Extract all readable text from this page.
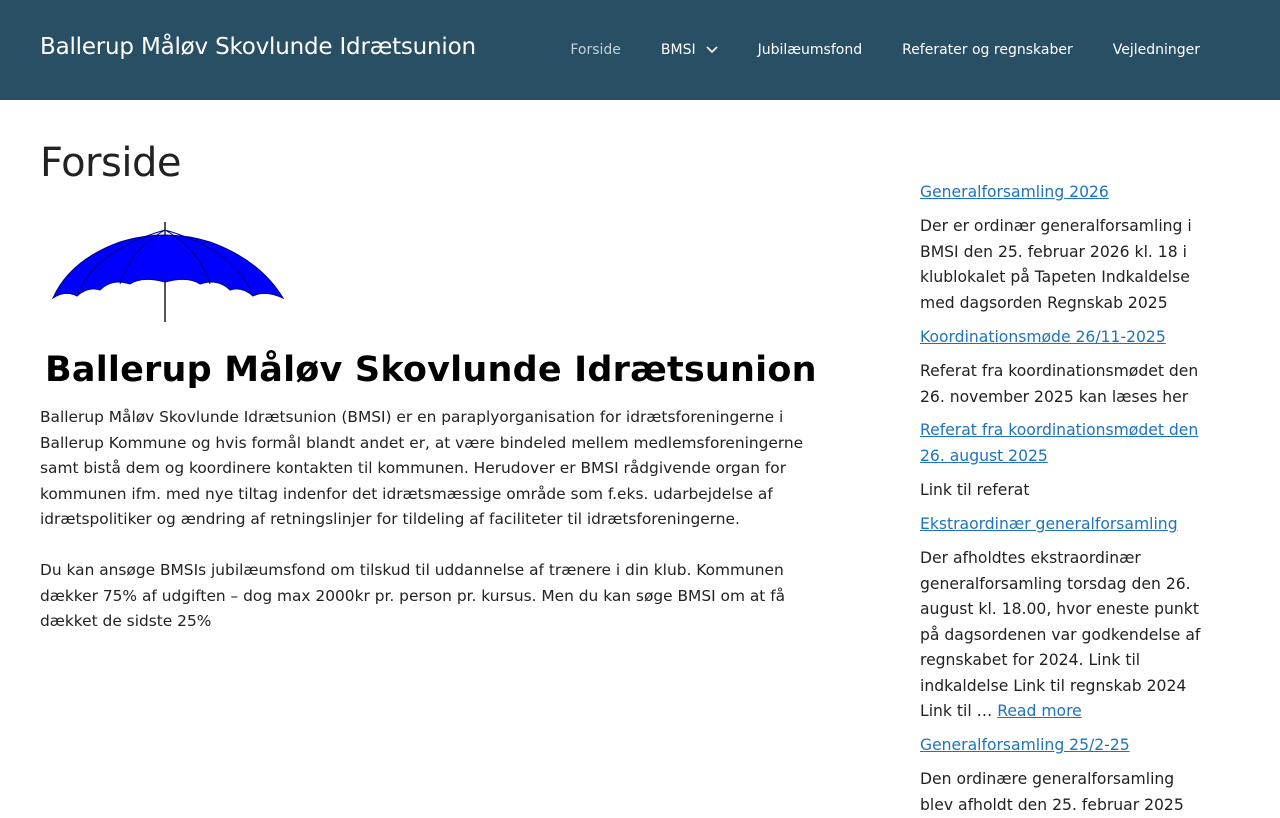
Ballerup Måløv Skovlunde Idrætsunion	Forside	BMSI	Jubilæumsfond	Referater og regnskaber	Vejledninger
Forside
Ballerup Måløv Skovlunde Idrætsunion

Ballerup Måløv Skovlunde Idrætsunion (BMSI) er en paraplyorganisation for idrætsforeningerne i Ballerup Kommune og hvis formål blandt andet er, at være bindeled mellem medlemsforeningerne samt bistå dem og koordinere kontakten til kommunen. Herudover er BMSI rådgivende organ for kommunen ifm. med nye tiltag indenfor det idrætsmæssige område som f.eks. udarbejdelse af idrætspolitiker og ændring af retningslinjer for tildeling af faciliteter til idrætsforeningerne.

Du kan ansøge BMSIs jubilæumsfond om tilskud til uddannelse af trænere i din klub. Kommunen dækker 75% af udgiften – dog max 2000kr pr. person pr. kursus. Men du kan søge BMSI om at få dækket de sidste 25%

Generalforsamling 2026
Der er ordinær generalforsamling i BMSI den 25. februar 2026 kl. 18 i klublokalet på Tapeten Indkaldelse med dagsorden Regnskab 2025
Koordinationsmøde 26/11-2025
Referat fra koordinationsmødet den 26. november 2025 kan læses her
Referat fra koordinationsmødet den 26. august 2025
Link til referat
Ekstraordinær generalforsamling
Der afholdtes ekstraordinær generalforsamling torsdag den 26. august kl. 18.00, hvor eneste punkt på dagsordenen var godkendelse af regnskabet for 2024. Link til indkaldelse Link til regnskab 2024 Link til … Read more
Generalforsamling 25/2-25
Den ordinære generalforsamling blev afholdt den 25. februar 2025
